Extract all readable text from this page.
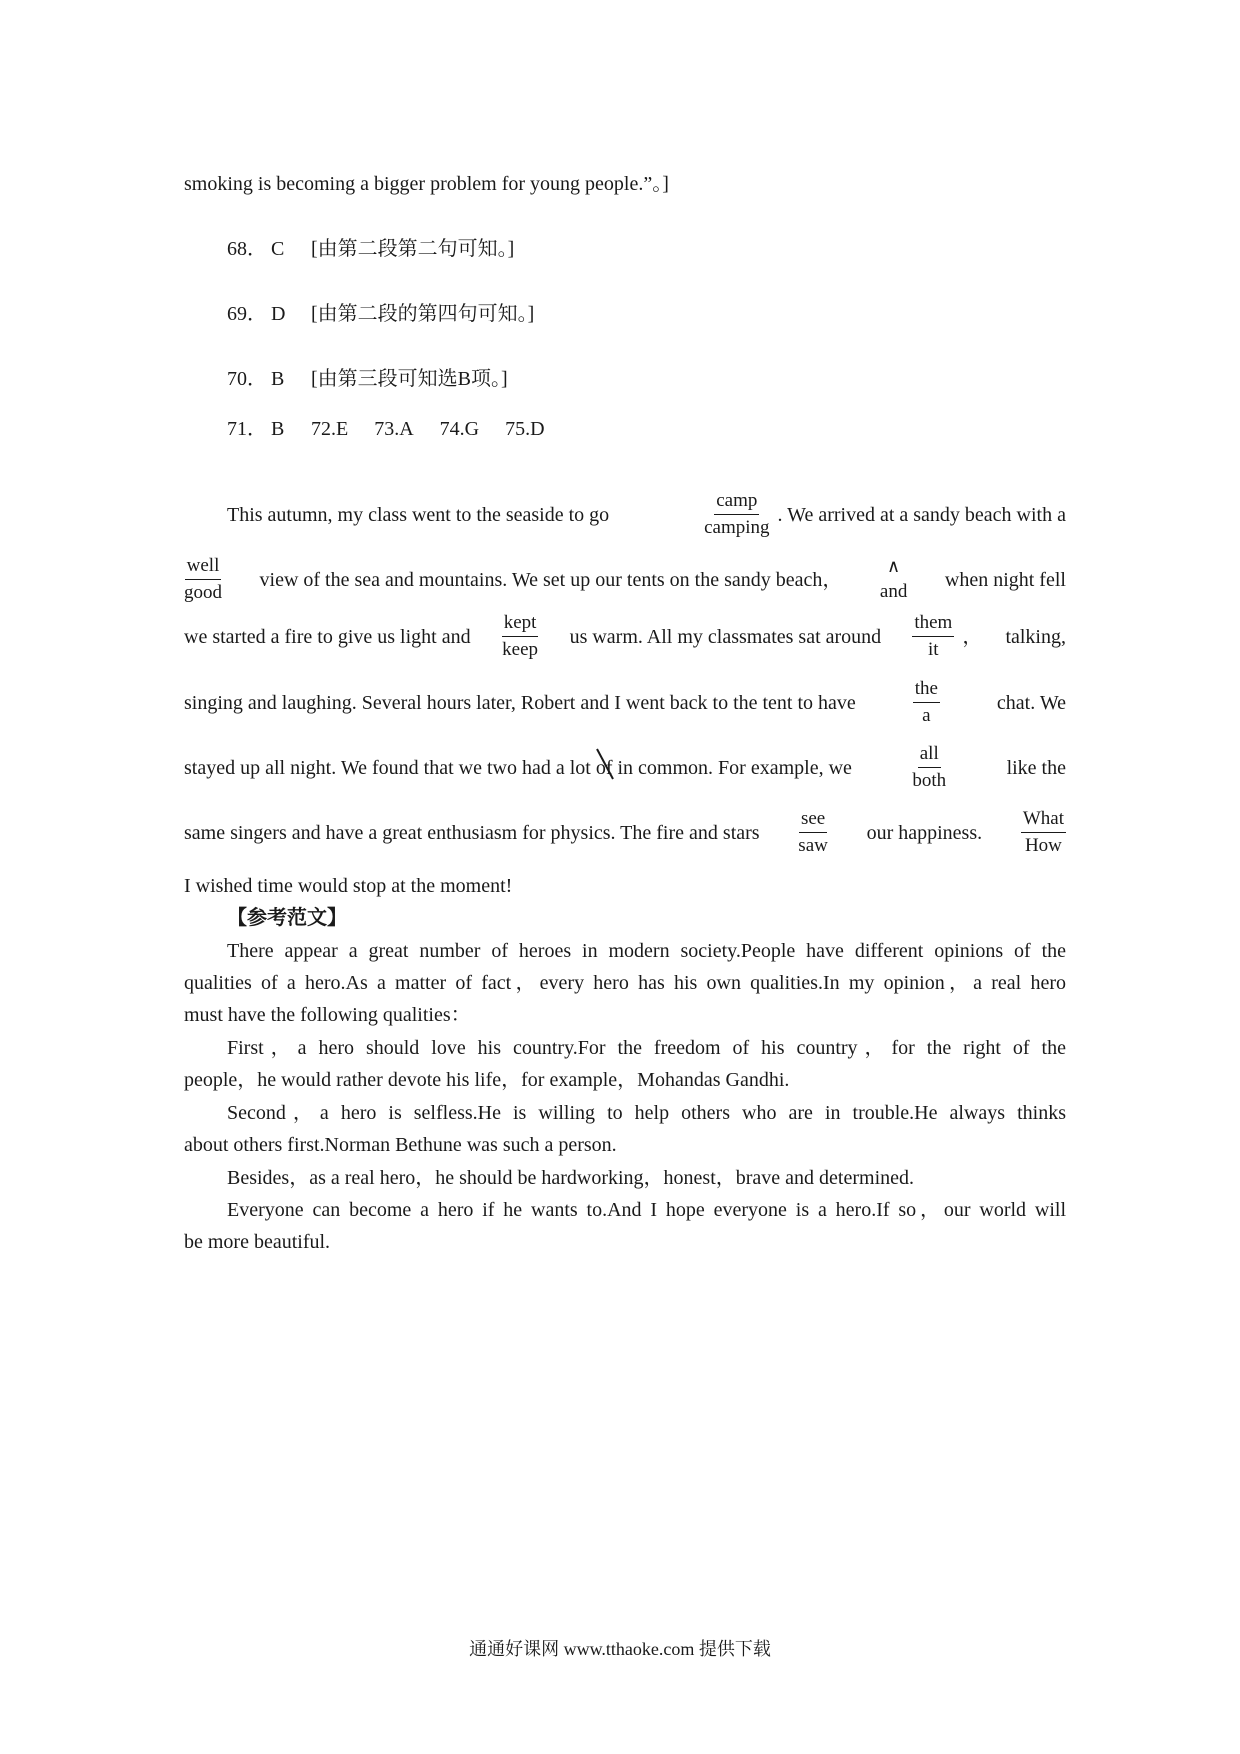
smoking is becoming a bigger problem for young people.”。]
68． C [由第二段第二句可知。]
69． D [由第二段的第四句可知。]
70． B [由第三段可知选B项。]
71． B 72.E 73.A 74.G 75.D
This autumn, my class went to the seaside to go
camp
camping
. We arrived at a sandy beach with a
well
good
view of the sea and mountains. We set up our tents on the sandy beach，
∧
and
when night fell
we started a fire to give us light and
kept
keep
us warm. All my classmates sat around
them
it
， talking,
singing and laughing. Several hours later, Robert and I went back to the tent to have
the
a
chat. We
stayed up all night. We found that we two had a lot
of
in common. For example, we
all
both
like the
same singers and have a great enthusiasm for physics. The fire and stars
see
saw
our happiness.
What
How
I wished time would stop at the moment!
【参考范文】
There appear a great number of heroes in modern society.People have different opinions of the
qualities of a hero.As a matter of fact，every hero has his own qualities.In my opinion，a real hero
must have the following qualities：
First，a hero should love his country.For the freedom of his country，for the right of the
people，he would rather devote his life，for example，Mohandas Gandhi.
Second，a hero is selfless.He is willing to help others who are in trouble.He always thinks
about others first.Norman Bethune was such a person.
Besides，as a real hero，he should be hardworking，honest，brave and determined.
Everyone can become a hero if he wants to.And I hope everyone is a hero.If so，our world will
be more beautiful.
通通好课网 www.tthaoke.com 提供下载
